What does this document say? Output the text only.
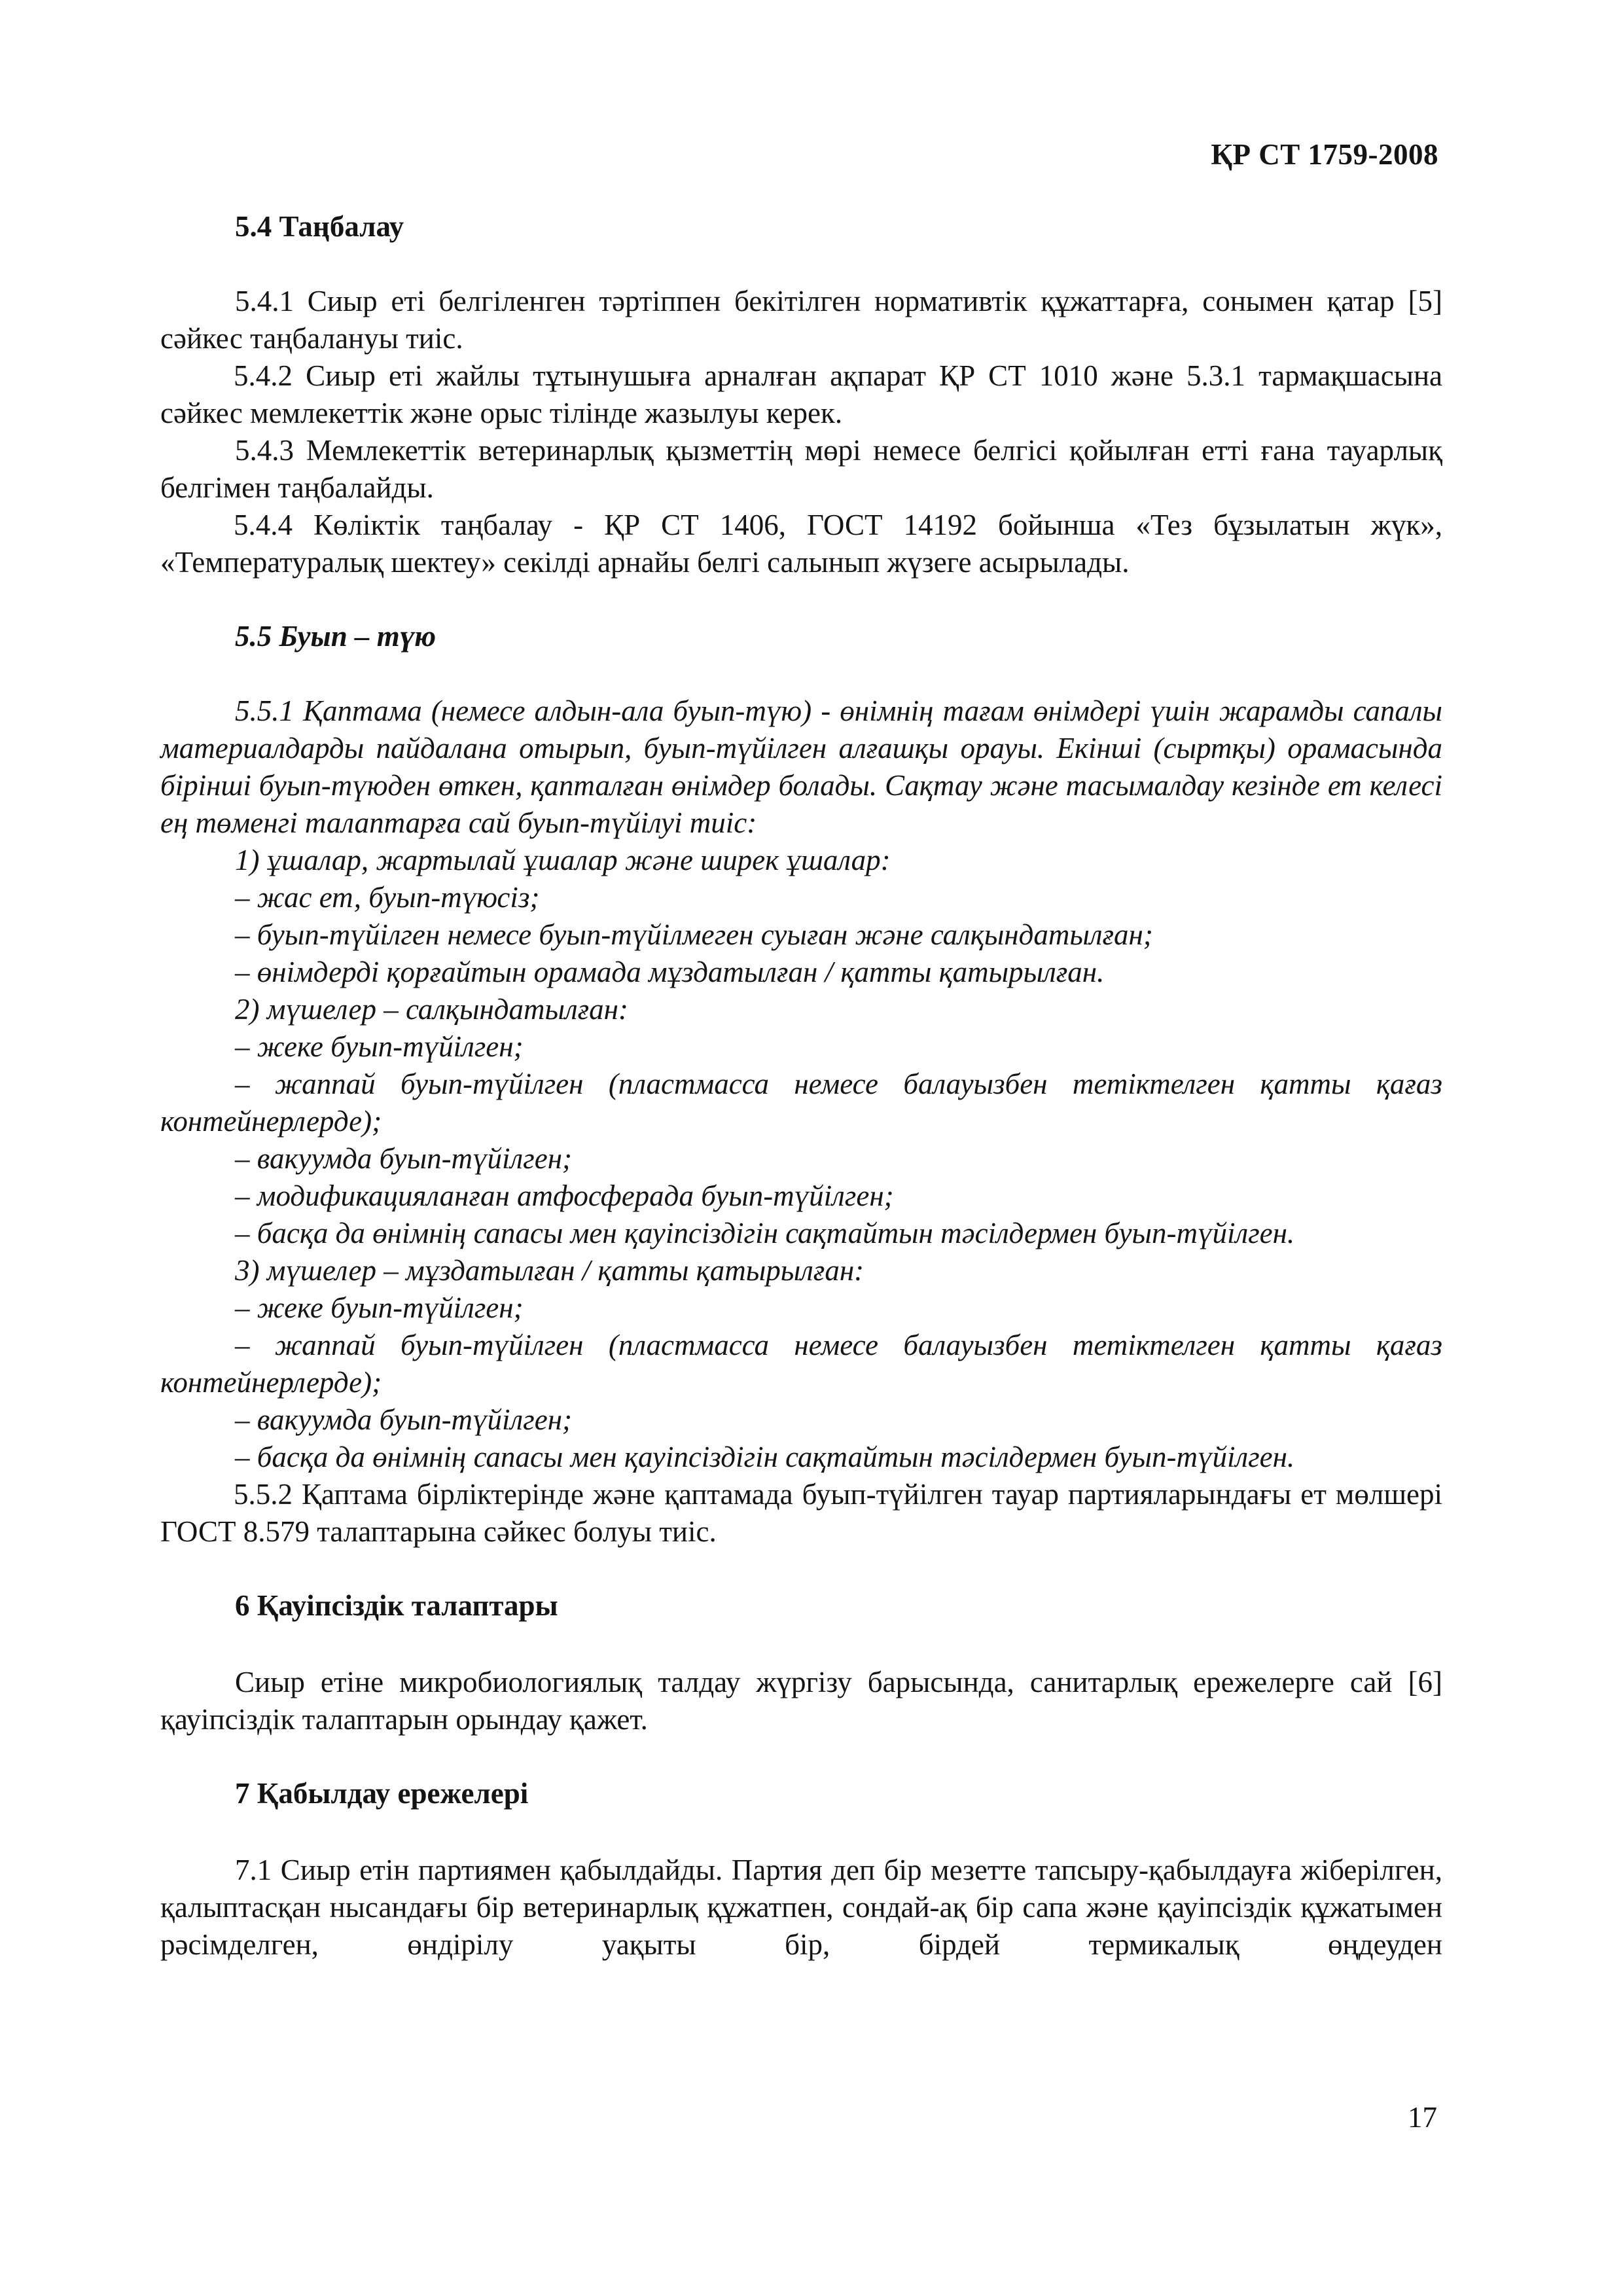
ҚР СТ 1759-2008
5.4 Таңбалау

5.4.1 Сиыр еті белгіленген тәртіппен бекітілген нормативтік құжаттарға, сонымен қатар [5] сәйкес таңбалануы тиіс.

5.4.2 Сиыр еті жайлы тұтынушыға арналған ақпарат ҚР СТ 1010 және 5.3.1 тармақшасына сәйкес мемлекеттік және орыс тілінде жазылуы керек.

5.4.3 Мемлекеттік ветеринарлық қызметтің мөрі немесе белгісі қойылған етті ғана тауарлық белгімен таңбалайды.

5.4.4 Көліктік таңбалау - ҚР СТ 1406, ГОСТ 14192 бойынша «Тез бұзылатын жүк», «Температуралық шектеу» секілді арнайы белгі салынып жүзеге асырылады.

5.5 Буып – түю

5.5.1 Қаптама (немесе алдын-ала буып-түю) - өнімнің тағам өнімдері үшін жарамды сапалы материалдарды пайдалана отырып, буып-түйілген алғашқы орауы. Екінші (сыртқы) орамасында бірінші буып-түюден өткен, қапталған өнімдер болады. Сақтау және тасымалдау кезінде ет келесі ең төменгі талаптарға сай буып-түйілуі тиіс:

1) ұшалар, жартылай ұшалар және ширек ұшалар:

– жас ет, буып-түюсіз;

– буып-түйілген немесе буып-түйілмеген суыған және салқындатылған;

– өнімдерді қорғайтын орамада мұздатылған / қатты қатырылған.

2) мүшелер – салқындатылған:

– жеке буып-түйілген;

– жаппай буып-түйілген (пластмасса немесе балауызбен тетіктелген қатты қағаз контейнерлерде);

– вакуумда буып-түйілген;

– модификацияланған атфосферада буып-түйілген;

– басқа да өнімнің сапасы мен қауіпсіздігін сақтайтын тәсілдермен буып-түйілген.

3) мүшелер – мұздатылған / қатты қатырылған:

– жеке буып-түйілген;

– жаппай буып-түйілген (пластмасса немесе балауызбен тетіктелген қатты қағаз контейнерлерде);

– вакуумда буып-түйілген;

– басқа да өнімнің сапасы мен қауіпсіздігін сақтайтын тәсілдермен буып-түйілген.

5.5.2 Қаптама бірліктерінде және қаптамада буып-түйілген тауар партияларындағы ет мөлшері ГОСТ 8.579 талаптарына сәйкес болуы тиіс.

6 Қауіпсіздік талаптары

Сиыр етіне микробиологиялық талдау жүргізу барысында, санитарлық ережелерге сай [6] қауіпсіздік талаптарын орындау қажет.

7 Қабылдау ережелері

7.1 Сиыр етін партиямен қабылдайды. Партия деп бір мезетте тапсыру-қабылдауға жіберілген, қалыптасқан нысандағы бір ветеринарлық құжатпен, сондай-ақ бір сапа және қауіпсіздік құжатымен рәсімделген, өндірілу уақыты бір, бірдей термикалық өңдеуден

17
